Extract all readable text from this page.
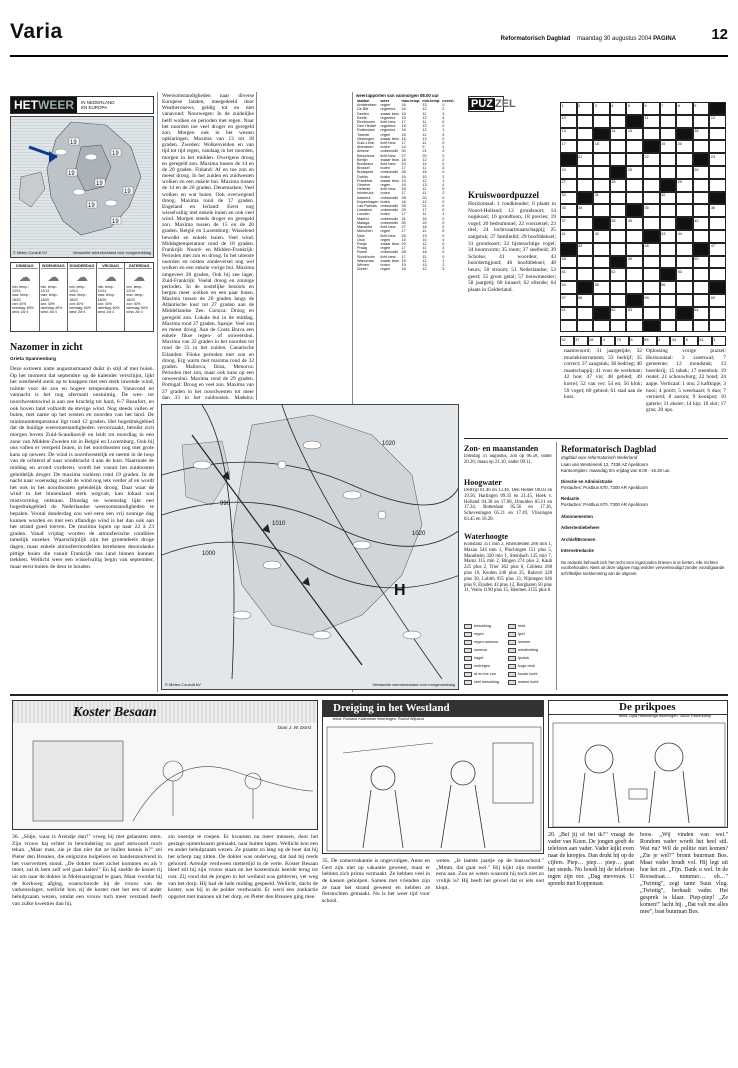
Varia	Reformatorisch Dagblad maandag 30 augustus 2004 PAGINA 12
HETWEER	IN NEDERLAND
EN EUROPA
19
19
19
19
19
19
19
© Meteo Consult bV	Verwachte weerstoestand voor morgenmiddag
DINSDAG
☁
min. temp.: 12/14
max. temp.: 18/20
zon: 40%
neerslag: 60%
wind: Zw 4
WOENSDAG
☁
min. temp.: 12/14
max. temp.: 18/20
zon: 40%
neerslag: 60%
wind: Zw 4
DONDERDAG
☁
min. temp.: 12/14
max. temp.: 18/20
zon: 40%
neerslag: 60%
wind: Zw 4
VRIJDAG
☁
min. temp.: 12/14
max. temp.: 18/20
zon: 40%
neerslag: 60%
wind: Zw 4
ZATERDAG
☁
min. temp.: 12/14
max. temp.: 18/20
zon: 40%
neerslag: 60%
wind: Zw 4
Nazomer in zicht
Grieta Spannenburg
Deze extreem natte augustusmaand duikt in stijl af met buien. Op het moment dat septembre op de kalender verschijnt, lijkt het weerbeeld sterk op te knappen met een sterk lawende wind, ruimte voor de zon en hogere temperaturen. Vanavond en vannacht is het nog afermant onstuimig. De wes- tot noordwestenwind is aan zee krachtig tot hard, 6-7 Beaufort, en ook boven land volhardt de stevige wind. Nog steeds vallen er buien, met name op het westen en noorden van het land. De minimumtemperatuur ligt rond 12 graden. Het hogedrukgebied dat de huidige weerstoestandigheden veroorzaakt, bereikt zich morgen boven Zuid-Scandinavië en leidt tot noordlag in een zone van Midden-Zweden tot in België en Luxemburg. Ook bij ons vallen er verspeid buien, in het noordoosten nog met grote kans op onweer. De wind is noordwestelijk en neemt in de loop van de ochtend af naar windkracht 4 aan de kust. Naarmate de middag en avond vorderen, wordt het vanuit het zuidoosten geleidelijk droger. De maxima variëren rond 19 graden. In de nacht naar woensdag zwakt de wind nog iets verder af en wordt het ook in het noordoosten geleidelijk droog. Daar waar de wind in het binnenland sterk wegvalt, kan lokaal wat mistvorming ontstaan. Dinsdag en woensdag lijkt een hogedrukgebied de Nederlandse weersomstandigheden te bepalen. Vooral donderdag zou wel eens een vrij zonnige dag kunnen worden en met een aflandige wind is het dan ook aan het strand goed toeven. De maxima lopen op naar 22 à 23 graden. Vanaf vrijdag worden de atmosferische condities tamelijk onzeker. Waarschijnlijk zijn het grotendeels droge dagen, maar enkele atmosfeermodellen berekenen desondanks pittige buien die vanuit Frankrijk ons land binnen kunnen trekken. Wellicht weer een wisselvallig begin van september, maar eerst buiten de deur te houden.
Weersomstandigheden naar diverse Europese landen, meegedeeld door Weatheronews, geldig tot en met vanavond: Noorwegen: In de zuidelijke helft wolken en perioden met regen. Naar het noorden toe veel droger en geregeld zon. Morgen ook in het westen opklaringen. Maxima van 13 tot 18 graden. Zweden: Wolkenvelden en van tijd tot tijd regen, vandaag in het noorden, morgen in het midden. Overigens droog en geregeld zon. Maxima tussen de 14 en de 20 graden. Finland: Af en toe zon en meest droog. In het zuiden en zuidwesten wolken en een enkele bui. Maxima tussen de 14 en de 20 graden. Denemarken: Veel wolken en wat buien. Ook overwegend droog. Maxima rond de 17 graden. Engeland en Ierland: Eerst nog wisselvallig met enkele buien en ook veel wind. Morgen steeds droger en geregeld zon. Maxima tussen de 15 en de 20 graden. België en Luxemburg: Wisselend bewolkt en enkele buien. Veel wind. Middagtemperatuur rond de 18 graden. Frankrijk: Noord- en Midden-Frankrijk: Perioden met zon en droog. In het uiterste noorden en oosten zondeversel nog wel wolken en een enkele vorige bui. Maxima omgeveer 20 graden, Ook bij zee lager. Zuid-Frankrijk: Veelal droog en zonnige perioden. In de oostelijke bezools en bergen meer wolken en een paar buien. Maxima tussen de 20 graden langs de Atlantische kust tot 27 graden aan de Middellandse Zee. Corsica: Droog en geregeld zon. Lokale bui in de middag. Maxima rond 27 graden. Spanje: Veel zon en meest droog. Aan de Costa Brava een enkele fikse regen- of onweersbui. Maxima van 22 graden in het noorden tot rond de 33 in het zuiden. Canarische Eilanden: Flinke perioden met zon en droog. Erg warm met maxima rond de 32 graden. Mallorca, Ibiza, Menorca: Perioden met zon, maar ook kans op een onweersbui. Maxima rond de 29 graden. Portugal: Droog en veel zon. Maxima van 27 graden in het noordwesten tot meer dan 33 in het zuidoosten. Madeira:
weerrapporten van vanmorgen 08.00 uur
station	weer	max.temp.	min.temp.	neersl.
Amsterdam	regen	16	13	0
De Bilt	regenbui	16	12	2
Deelen	zwaar bew.	15	11	3
Eelde	regenbui	15	12	4
Eindhoven	licht bew.	17	11	0
Den Helder	regenbui	15	13	2
Rotterdam	regenbui	16	12	1
Twente	regen	15	11	5
Vlissingen	zwaar bew.	16	13	0
Zuid-Limb.	licht bew.	17	11	0
Aberdeen	buien	14	9	1
Athene	onbewolkt	30	21	0
Barcelona	licht bew.	27	20	0
Berlijn	zwaar bew.	18	12	2
Bordeaux	licht bew.	24	14	0
Brussel	buien	17	11	3
Budapest	onbewolkt	26	15	0
Dublin	buien	15	10	2
Frankfurt	zwaar bew.	19	12	1
Genève	regen	19	13	4
Helsinki	licht bew.	18	11	0
Innsbruck	buien	17	11	2
Istanbul	onbewolkt	28	20	0
Kopenhagen	buien	16	12	2
Las Palmas	onbewolkt	28	21	0
Lissabon	onbewolkt	29	17	0
Londen	buien	17	11	1
Madrid	onbewolkt	31	16	0
Malaga	onbewolkt	30	20	0
Marseille	licht bew.	27	18	0
München	regen	17	11	5
Nice	licht bew.	26	19	0
Oslo	regen	15	10	4
Parijs	zwaar bew.	20	12	0
Praag	regen	17	11	3
Rome	onbewolkt	28	18	0
Stockholm	licht bew.	17	11	0
Warschau	zwaar bew.	19	12	1
Wenen	buien	19	13	2
Zürich	regen	18	12	3
PUZ ZEL	1	2	3	4	5	6	7	8	9
10	11	12
13	14	15	16
17	18	19	20
21	22	23
24	25	26
27	28	29
30	31	32
33	34	35	36
37	38	39	40
41	42	43	44
45	46	47
48	49	50
51	52	53
54	55	56
57	58	59	60
61	62	63	64
Kruiswoordpuzzel
Horizontaal: 1 rondkleuder; 6 plaats in Noord-Holland; 12 grondsoort; 14 oogskool; 16 grondtoon; 18 precies; 19 vogel; 20 bedrumnuel; 22 voorzetsel; 23 titel; 24 lochtvaartmaatschappij; 25 zangstuk; 27 familielid; 29 hoofddeksel; 31 grondsoort; 32 lijsterachtige vogel; 34 boomvorm; 35 roem; 37 snelheid; 39 Schotse; 41 woorden; 43 boordertigjond; 46 hoofddeksel; 48 beurs; 50 stroom; 51 Nederlandse; 53 geest; 55 groot getal; 57 bouwmeester; 58 jaargetij; 60 luiaard; 62 ellende; 64 plaats in Gelderland.
52	37	28	4	73	6	69	4	43	6	61	3
naamwoord; 31 jaargetijde; 32 muziekinstrument; 33 bedrijf; 35 correct; 37 zangstuk; 38 bedrieg; 40 maatschappij; 41 voor de werkman; 42 hoe; 47 vis; 48 gebied; 49 korrel; 52 van ver; 54 en; 56 klok; 59 vogel; 60 gebied; 61 stad aan de kust.
Oplossing vorige puzzel: Horizontaal: 3 zoemwal; 7 gemeente; 12 mondstuk; 13 boerderij; 15 tabak; 17 steenbok; 19 reutel; 21 schouwburg; 22 hond; 24 aapje. Verticaal: 1 ons; 2 kaftkipje; 3 hooi; 4 poort; 5 weerkaart; 6 duo; 7 vernierd; 8 aurora; 9 kookpot; 10 galerie; 11 ekster; 14 kip; 16 slot; 17 gras; 20 ups.
990
1000
1010
1020
1020
H
© Meteo Consult bV	Verwachte weerstoestand voor morgenmiddag
Zon- en maanstanden
Dinsdag 31 augustus, zon op 06.58, onder 20.26; maan op 21.10, onder 09.11.
Hoogwater
Delfzijl 01.46 en 13.46, Den Helder 08.03 en 19.56, Harlingen 09.35 en 21.45, Hoek v. Holland 04.30 en 17.08, IJmuiden 05.11 en 17.34, Rotterdam 05.56 en 17.36, Scheveningen 05.21 en 17.49, Vlissingen 03.45 en 16.20.
Waterhoogte
Konstanz 351 min 2, Rheinfelden 286 min 1, Maxau 544 min 1, Plochingen 151 plus 5, Mannheim 320 min 1, Steinbach 135 min 7, Mainz 315 min 2, Bingen 274 plus 2, Kaub 225 plus 2, Trier 362 plus 6, Coblenz 288 plus 16, Keulen 240 plus 25, Ruhrort 328 plus 30, Lobith 935 plus 13, Nijmegen 646 plus 8, Eijsden 43 plus 12, Borgharen 50 plus 11, Venlo 1190 plus 15, Heumen 3155 plus 6.
bewolking	mist
regen	ijzel
regen-sneeuw	onweer
sneeuw	windrichting
hagel	ijsdruk
motregen	hoge druk
af en toe zon	koude lucht
veel bewolking	warme lucht
Reformatorisch Dagblad
dagblad voor reformatorisch Nederland
Laan van Westenenk 12, 7336 AZ Apeldoorn
Kantoortijden: maandag t/m vrijdag van 8.00 - 16.30 uur.
Directie en Administratie
Postadres: Postbus 670, 7300 AR Apeldoorn
Redactie
Postadres: Postbus 670, 7300 AR Apeldoorn
Abonnementen
Advertentiebeheer
Archief/Bronnen
Internetredactie
De redactie behoudt zich het recht voor ingezonden brieven in te korten. Alle rechten voorbehouden. Niets uit deze uitgave mag worden verveelvoudigd zonder voorafgaande schriftelijke toestemming van de uitgever.
Koster Besaan
Door J. W. Dorst
36. „Sütje, waar is Arendje dan?" vroeg hij met gelansten stem. Zijn vrouw kaj echter in bewindering zo gauf antwoord noch tekan. „Maar man, zie je dan niet dat ze huilen kennis is?" zei Pieter den Breaien, die enigszins hulpeloos en handenzeulvend in het voorvertrek stond. „De dokter moet zichel kommen en als 't moet, zal ik hem zelf wel gaan halen!" En hij snelde de koster rij uit om naar de dokter in Molenaarsgraaf te gaan. Maar voordat hij de Kerkweg afging, waarschuwde hij de vrouw van de varkensslager, wellicht kon zij de koster met het een of ander behulpzaam wezen, omdat een vrouw toch meer verstand heeft van zulke kwesties dan hij.
zin ooentje te roepen. Er kwamen nu meer mensen, door het gestage opmerksaam gemaakt, naar buiten lopen. Wellicht kon een en ander behulpzaam wezen. Ze praatte zo lang op de boer dat hij het scherp zag zitten. De dokter was onderweg, dat had hij reeds gehoord. Arendje verdween mettertijd in de verte. Koster Besaan bleef stil bij zijn vrouw staan en het kostershuis keerde terug tot rust. Zij vond dat de jongen in het weiland was gebleven, ver weg van het dorp. Hij had de hele middag gespeeld. Wellicht, dacht de koster, was hij in de polder verdwaald. Er werd een zoekactie opgezet met mannen uit het dorp, en Pieter den Breaien ging mee.
Dreiging in het Westland
tekst: Roeland Kallenman tekeningen: Roelof Wijnand
35. De zomervakantie is ongevoilgee, Anne en Gert zijn niet op vakantie geweest, maar er hebben zich prima vermaakt. Ze hebben veel in de kassen geholpen. Samen met vrienden zijn ze naar het strand geweest en hebben ze fietstochten gemaakt. Nu is het weer tijd voor school.
weten. „Je laatste jaartje op de basisschool." „Mmm, dat gaat wel." Hij kijkt zijn moeder eens aan. Zou ze weten waarom hij toch niet zo vrolijk is? Hij heeft het gevoel dat er iets niet klopt.
De prikpoes
tekst: Lijda Hammenga tekeningen: Jacob Pasterkamp
20. „Bel jij of bel ik?" vraagt de vader van Koen. De jongen geeft de telefoon aan vader. Vader kijkt even naar de knopjes. Dan drukt hij op de cijfers. Piep… piep… piep… gaat het steeds. Nu houdt hij de telefoon tegen zijn oor. „Dag mevrouw. U spreekt met Koppeman.
boos. „Wij vinden van wel." Rondom vader wordt het heel stil. Wat nu? Wil de politie niet komen? „Zie je wel?" bromt buurman Bos. Maar vader houdt vol. Hij legt uit hoe het zit. „Fijn. Dank u wel. In de Roosstraat… nummer… eh…" „Twintig", zegt tante Suus vlug. „Twintig", herhaalt vader. Het gesprek is klaar. Piep-piep! „Ze komen!" lacht hij. „Dat valt me alles mee", bast buurman Bos.
